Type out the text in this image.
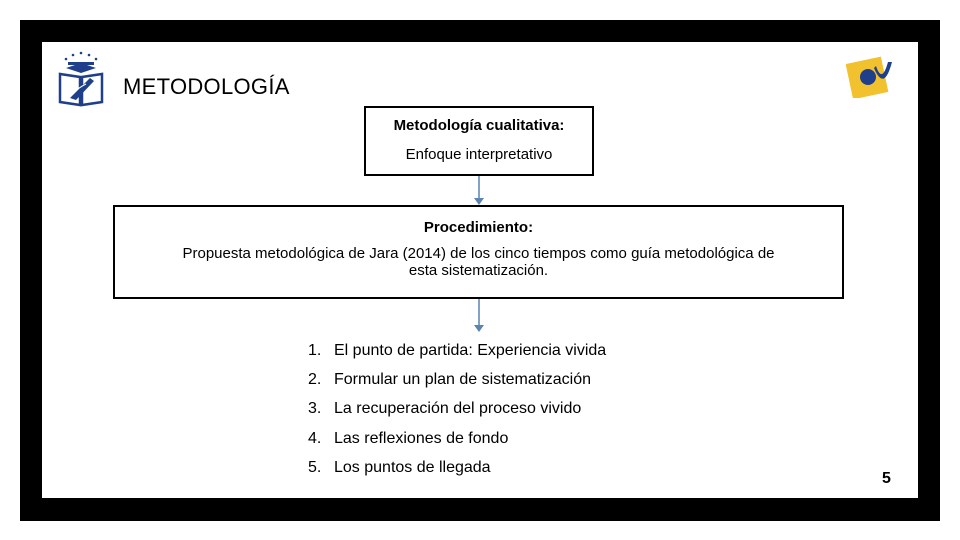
METODOLOGÍA
Metodología cualitativa:
Enfoque interpretativo
Procedimiento:
Propuesta metodológica de Jara (2014) de los cinco tiempos como guía metodológica de
esta sistematización.
1. El punto de partida: Experiencia vivida
2. Formular un plan de sistematización
3. La recuperación del proceso vivido
4. Las reflexiones de fondo
5. Los puntos de llegada
5
